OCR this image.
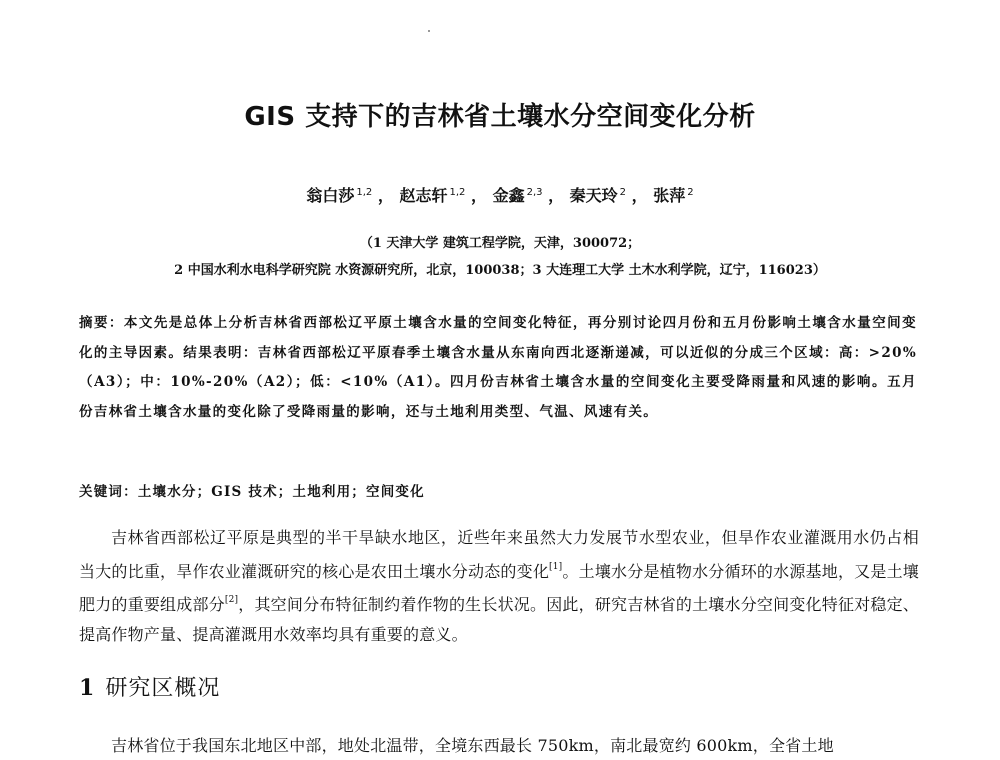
GIS 支持下的吉林省土壤水分空间变化分析
翁白莎 $^{1,2}$ ， 赵志轩 $^{1,2}$ ， 金鑫 $^{2,3}$ ， 秦天玲 $^2$ ， 张萍 $^2$
（1 天津大学 建筑工程学院，天津，300072；
2 中国水利水电科学研究院 水资源研究所，北京，100038；3 大连理工大学 土木水利学院，辽宁，116023）
摘要：本文先是总体上分析吉林省西部松辽平原土壤含水量的空间变化特征，再分别讨论四月份和五月份影响土壤含水量空间变化的主导因素。结果表明：吉林省西部松辽平原春季土壤含水量从东南向西北逐渐递减，可以近似的分成三个区域：高：>20%（A3）；中：10%-20%（A2）；低：<10%（A1）。四月份吉林省土壤含水量的空间变化主要受降雨量和风速的影响。五月份吉林省土壤含水量的变化除了受降雨量的影响，还与土地利用类型、气温、风速有关。
关键词：土壤水分；GIS 技术；土地利用；空间变化
吉林省西部松辽平原是典型的半干旱缺水地区，近些年来虽然大力发展节水型农业，但旱作农业灌溉用水仍占相当大的比重，旱作农业灌溉研究的核心是农田土壤水分动态的变化[1]。土壤水分是植物水分循环的水源基地，又是土壤肥力的重要组成部分[2]，其空间分布特征制约着作物的生长状况。因此，研究吉林省的土壤水分空间变化特征对稳定、提高作物产量、提高灌溉用水效率均具有重要的意义。
1 研究区概况
吉林省位于我国东北地区中部，地处北温带，全境东西最长 750km，南北最宽约 600km，全省土地
